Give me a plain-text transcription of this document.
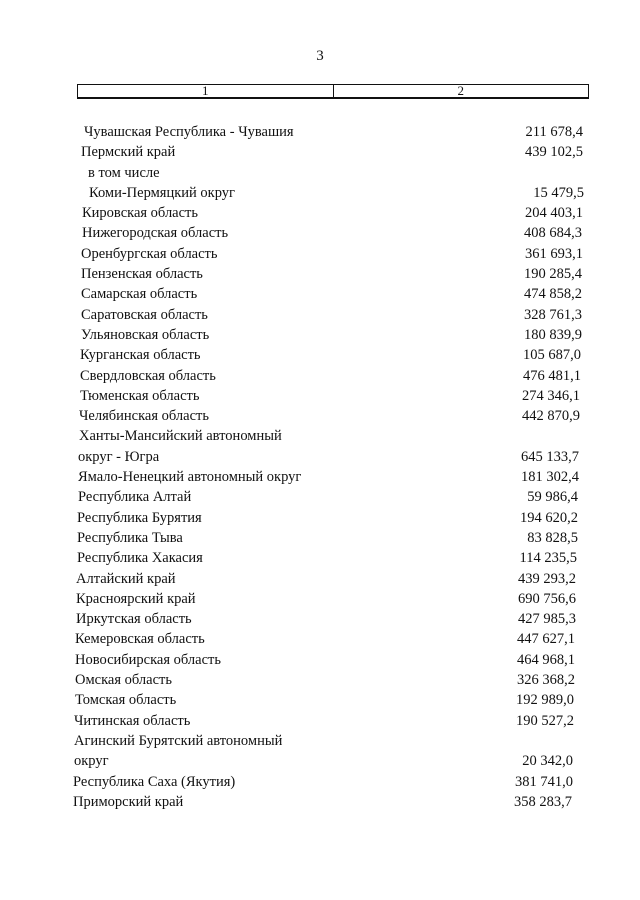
3
1	2
Чувашская Республика - Чувашия	211 678,4
Пермский край	439 102,5
в том числе
Коми-Пермяцкий округ	15 479,5
Кировская область	204 403,1
Нижегородская область	408 684,3
Оренбургская область	361 693,1
Пензенская область	190 285,4
Самарская область	474 858,2
Саратовская область	328 761,3
Ульяновская область	180 839,9
Курганская область	105 687,0
Свердловская область	476 481,1
Тюменская область	274 346,1
Челябинская область	442 870,9
Ханты-Мансийский автономный
округ - Югра	645 133,7
Ямало-Ненецкий автономный округ	181 302,4
Республика Алтай	59 986,4
Республика Бурятия	194 620,2
Республика Тыва	83 828,5
Республика Хакасия	114 235,5
Алтайский край	439 293,2
Красноярский край	690 756,6
Иркутская область	427 985,3
Кемеровская область	447 627,1
Новосибирская область	464 968,1
Омская область	326 368,2
Томская область	192 989,0
Читинская область	190 527,2
Агинский Бурятский автономный
округ	20 342,0
Республика Саха (Якутия)	381 741,0
Приморский край	358 283,7
